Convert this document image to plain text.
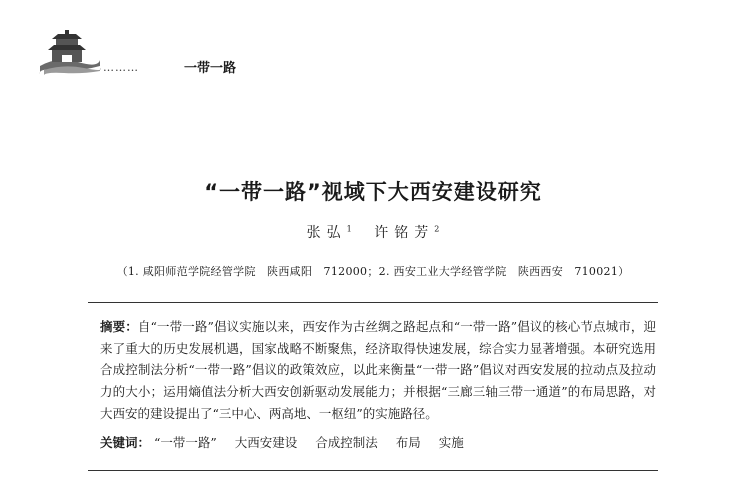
………	一带一路
“一带一路”视域下大西安建设研究
张弘$^1$ 许铭芳$^2$
（1. 咸阳师范学院经管学院　陕西咸阳　712000；2. 西安工业大学经管学院　陕西西安　710021）
摘要：自“一带一路”倡议实施以来，西安作为古丝绸之路起点和“一带一路”倡议的核心节点城市，迎来了重大的历史发展机遇，国家战略不断聚焦，经济取得快速发展，综合实力显著增强。本研究选用合成控制法分析“一带一路”倡议的政策效应，以此来衡量“一带一路”倡议对西安发展的拉动点及拉动力的大小；运用熵值法分析大西安创新驱动发展能力；并根据“三廊三轴三带一通道”的布局思路，对大西安的建设提出了“三中心、两高地、一枢纽”的实施路径。
关键词： “一带一路” 大西安建设 合成控制法 布局 实施
